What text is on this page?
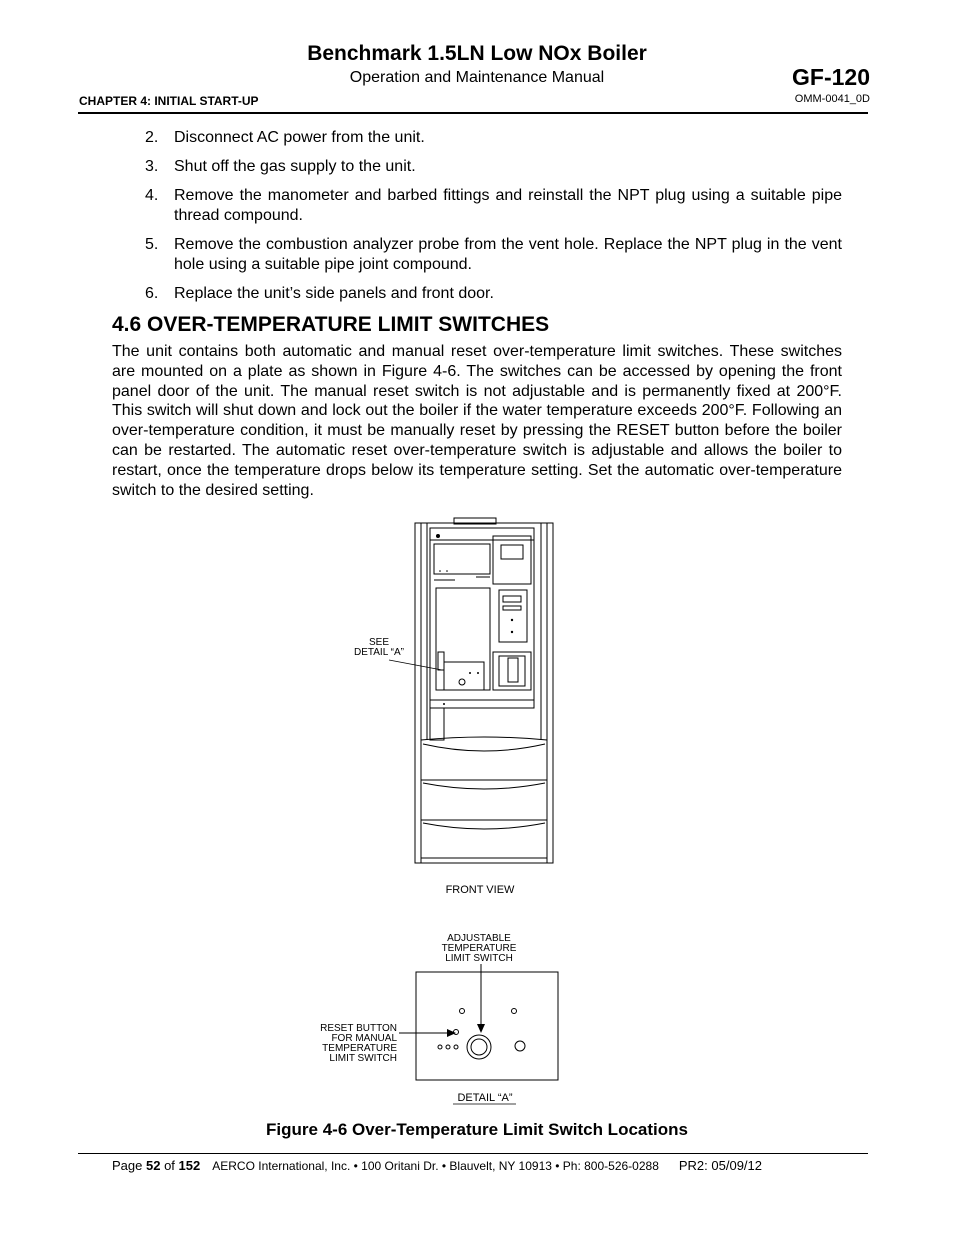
Benchmark 1.5LN Low NOx Boiler
Operation and Maintenance Manual
CHAPTER 4: INITIAL START-UP
GF-120
OMM-0041_0D
2. Disconnect AC power from the unit.
3. Shut off the gas supply to the unit.
4. Remove the manometer and barbed fittings and reinstall the NPT plug using a suitable pipe thread compound.
5. Remove the combustion analyzer probe from the vent hole. Replace the NPT plug in the vent hole using a suitable pipe joint compound.
6. Replace the unit’s side panels and front door.
4.6 OVER-TEMPERATURE LIMIT SWITCHES
The unit contains both automatic and manual reset over-temperature limit switches. These switches are mounted on a plate as shown in Figure 4-6. The switches can be accessed by opening the front panel door of the unit. The manual reset switch is not adjustable and is permanently fixed at 200°F. This switch will shut down and lock out the boiler if the water temperature exceeds 200°F. Following an over-temperature condition, it must be manually reset by pressing the RESET button before the boiler can be restarted. The automatic reset over-temperature switch is adjustable and allows the boiler to restart, once the temperature drops below its temperature setting. Set the automatic over-temperature switch to the desired setting.
SEE
DETAIL “A”
FRONT VIEW
ADJUSTABLE
TEMPERATURE
LIMIT SWITCH
RESET BUTTON
FOR MANUAL
TEMPERATURE
LIMIT SWITCH
DETAIL “A”
Figure 4-6 Over-Temperature Limit Switch Locations
Page 52 of 152 AERCO International, Inc. • 100 Oritani Dr. • Blauvelt, NY 10913 • Ph: 800-526-0288 PR2: 05/09/12
